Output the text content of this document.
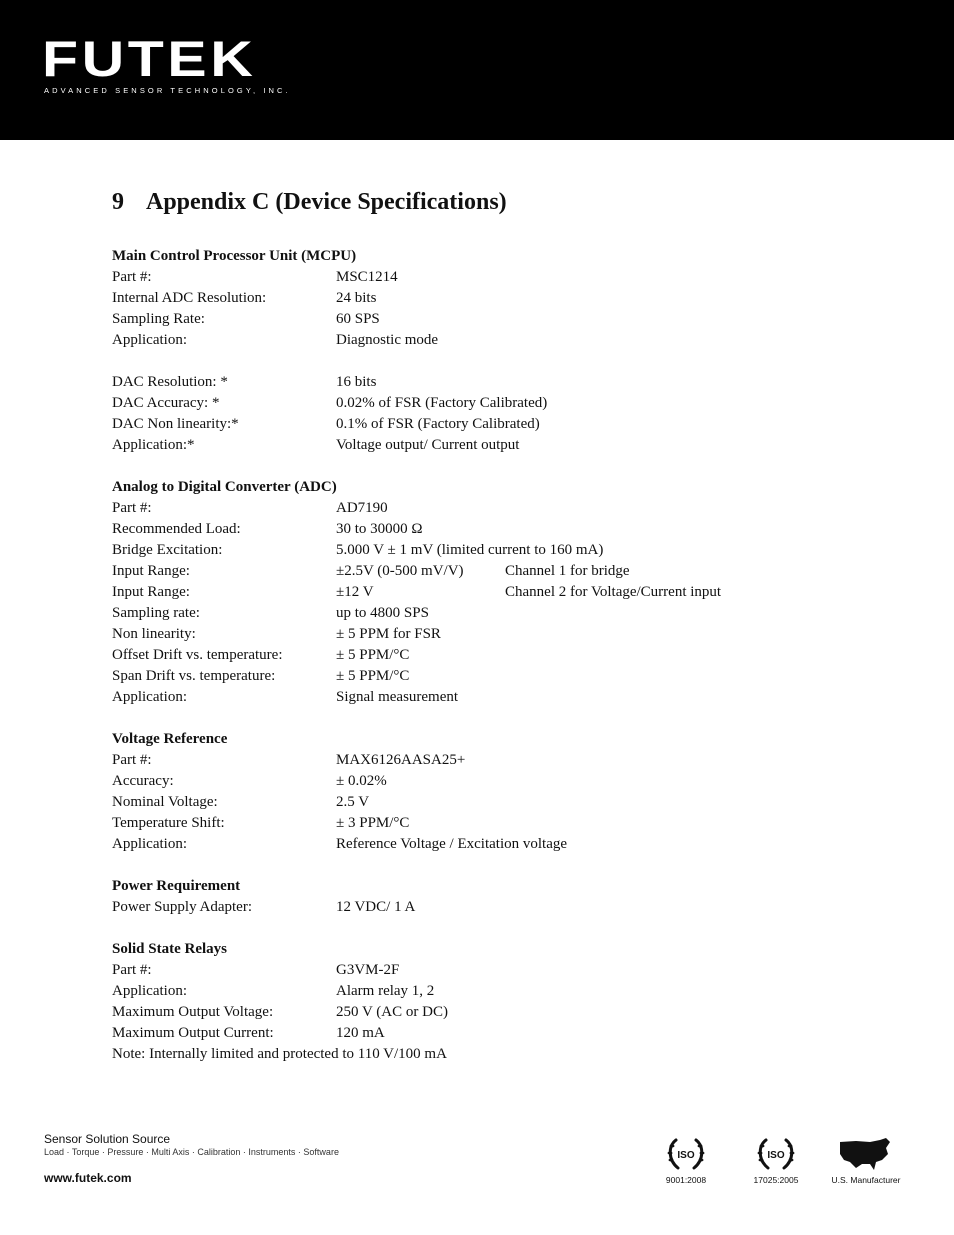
FUTEK
ADVANCED SENSOR TECHNOLOGY, INC.
9 Appendix C (Device Specifications)
Main Control Processor Unit (MCPU)
Part #:	MSC1214
Internal ADC Resolution:	24 bits
Sampling Rate:	60 SPS
Application:	Diagnostic mode
DAC Resolution: *	16 bits
DAC Accuracy: *	0.02% of FSR (Factory Calibrated)
DAC Non linearity:*	0.1% of FSR (Factory Calibrated)
Application:*	Voltage output/ Current output
Analog to Digital Converter (ADC)
Part #:	AD7190
Recommended Load:	30 to 30000 Ω
Bridge Excitation:	5.000 V ± 1 mV (limited current to 160 mA)
Input Range:	±2.5V (0-500 mV/V)	Channel 1 for bridge
Input Range:	±12 V	Channel 2 for Voltage/Current input
Sampling rate:	up to 4800 SPS
Non linearity:	± 5 PPM for FSR
Offset Drift vs. temperature:	± 5 PPM/°C
Span Drift vs. temperature:	± 5 PPM/°C
Application:	Signal measurement
Voltage Reference
Part #:	MAX6126AASA25+
Accuracy:	± 0.02%
Nominal Voltage:	2.5 V
Temperature Shift:	± 3 PPM/°C
Application:	Reference Voltage / Excitation voltage
Power Requirement
Power Supply Adapter:	12 VDC/ 1 A
Solid State Relays
Part #:	G3VM-2F
Application:	Alarm relay 1, 2
Maximum Output Voltage:	250 V (AC or DC)
Maximum Output Current:	120 mA
Note: Internally limited and protected to 110 V/100 mA
Sensor Solution Source
Load · Torque · Pressure · Multi Axis · Calibration · Instruments · Software
www.futek.com
ISO
9001:2008
ISO
17025:2005	U.S. Manufacturer
